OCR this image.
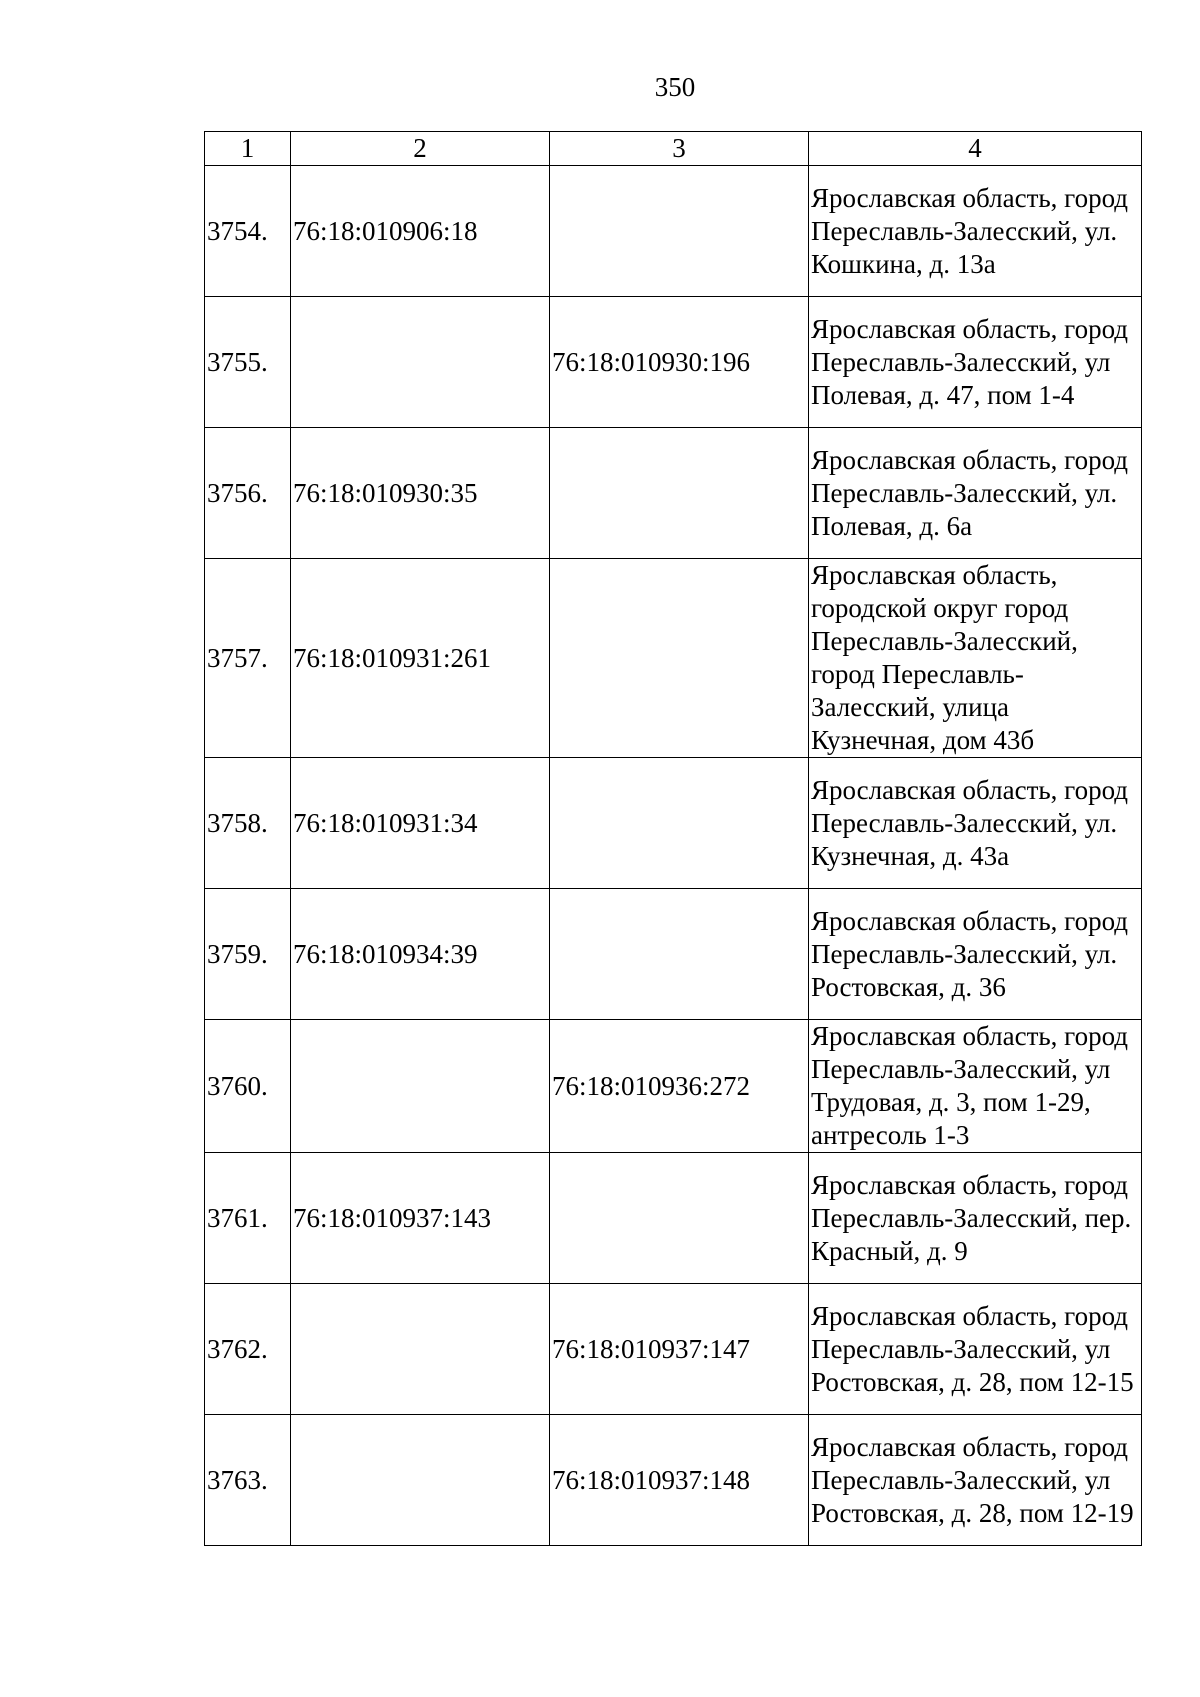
350
1	2	3	4
3754.	76:18:010906:18		Ярославская область, город Переславль-Залесский, ул. Кошкина, д. 13а
3755.		76:18:010930:196	Ярославская область, город Переславль-Залесский, ул Полевая, д. 47, пом 1-4
3756.	76:18:010930:35		Ярославская область, город Переславль-Залесский, ул. Полевая, д. 6а
3757.	76:18:010931:261		Ярославская область, городской округ город Переславль-Залесский, город Переславль-Залесский, улица Кузнечная, дом 43б
3758.	76:18:010931:34		Ярославская область, город Переславль-Залесский, ул. Кузнечная, д. 43а
3759.	76:18:010934:39		Ярославская область, город Переславль-Залесский, ул. Ростовская, д. 36
3760.		76:18:010936:272	Ярославская область, город Переславль-Залесский, ул Трудовая, д. 3, пом 1-29, антресоль 1-3
3761.	76:18:010937:143		Ярославская область, город Переславль-Залесский, пер. Красный, д. 9
3762.		76:18:010937:147	Ярославская область, город Переславль-Залесский, ул Ростовская, д. 28, пом 12-15
3763.		76:18:010937:148	Ярославская область, город Переславль-Залесский, ул Ростовская, д. 28, пом 12-19
